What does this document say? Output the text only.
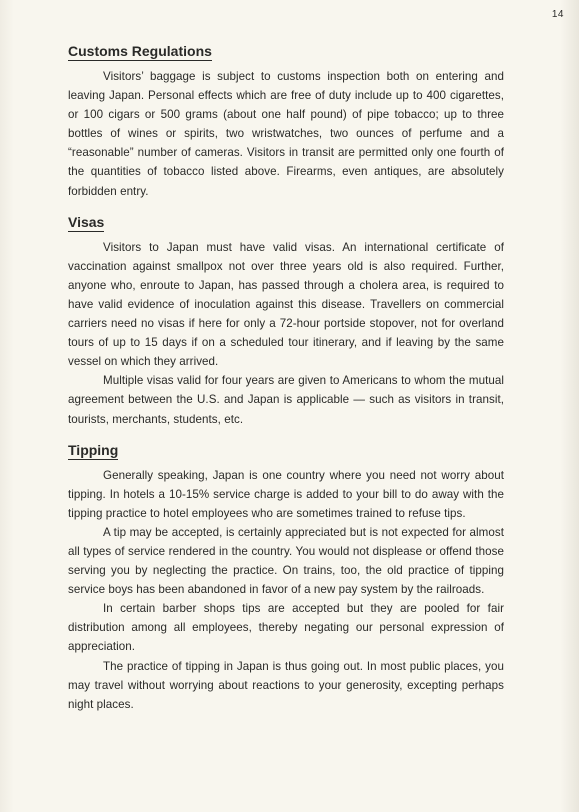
14
Customs Regulations

Visitors’ baggage is subject to customs inspection both on entering and leaving Japan. Personal effects which are free of duty include up to 400 cigarettes, or 100 cigars or 500 grams (about one half pound) of pipe tobacco; up to three bottles of wines or spirits, two wristwatches, two ounces of perfume and a “reasonable” number of cameras. Visitors in transit are permitted only one fourth of the quantities of tobacco listed above. Firearms, even antiques, are absolutely forbidden entry.

Visas

Visitors to Japan must have valid visas. An international certificate of vaccination against smallpox not over three years old is also required. Further, anyone who, enroute to Japan, has passed through a cholera area, is required to have valid evidence of inoculation against this disease. Travellers on commercial carriers need no visas if here for only a 72-hour portside stopover, not for overland tours of up to 15 days if on a scheduled tour itinerary, and if leaving by the same vessel on which they arrived.

Multiple visas valid for four years are given to Americans to whom the mutual agreement between the U.S. and Japan is applicable — such as visitors in transit, tourists, merchants, students, etc.

Tipping

Generally speaking, Japan is one country where you need not worry about tipping. In hotels a 10-15% service charge is added to your bill to do away with the tipping practice to hotel employees who are sometimes trained to refuse tips.

A tip may be accepted, is certainly appreciated but is not expected for almost all types of service rendered in the country. You would not displease or offend those serving you by neglecting the practice. On trains, too, the old practice of tipping service boys has been abandoned in favor of a new pay system by the railroads.

In certain barber shops tips are accepted but they are pooled for fair distribution among all employees, thereby negating our personal expression of appreciation.

The practice of tipping in Japan is thus going out. In most public places, you may travel without worrying about reactions to your generosity, excepting perhaps night places.
